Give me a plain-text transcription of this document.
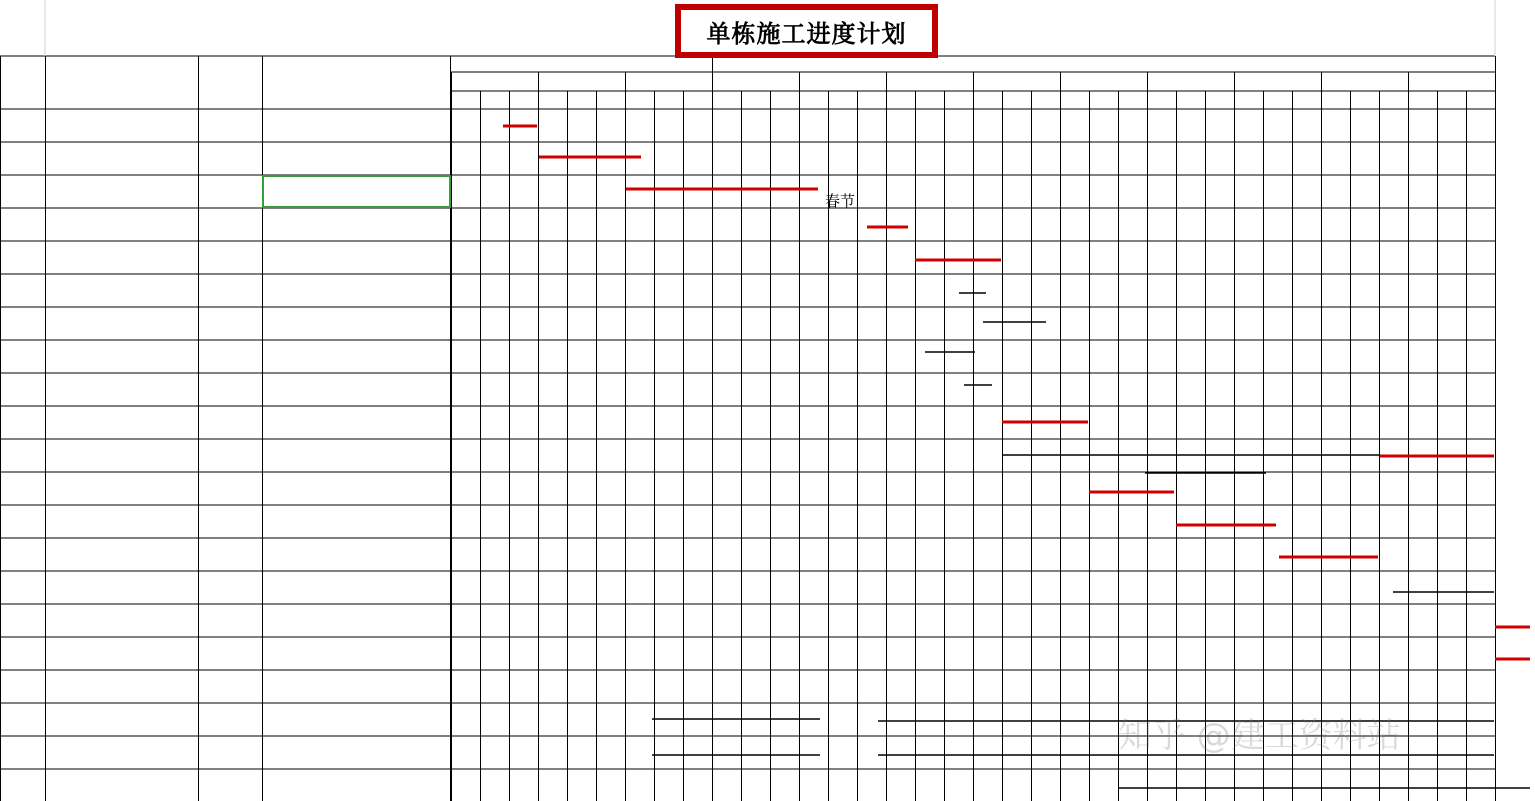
单栋施工进度计划
春节
知乎 @建工资料站
